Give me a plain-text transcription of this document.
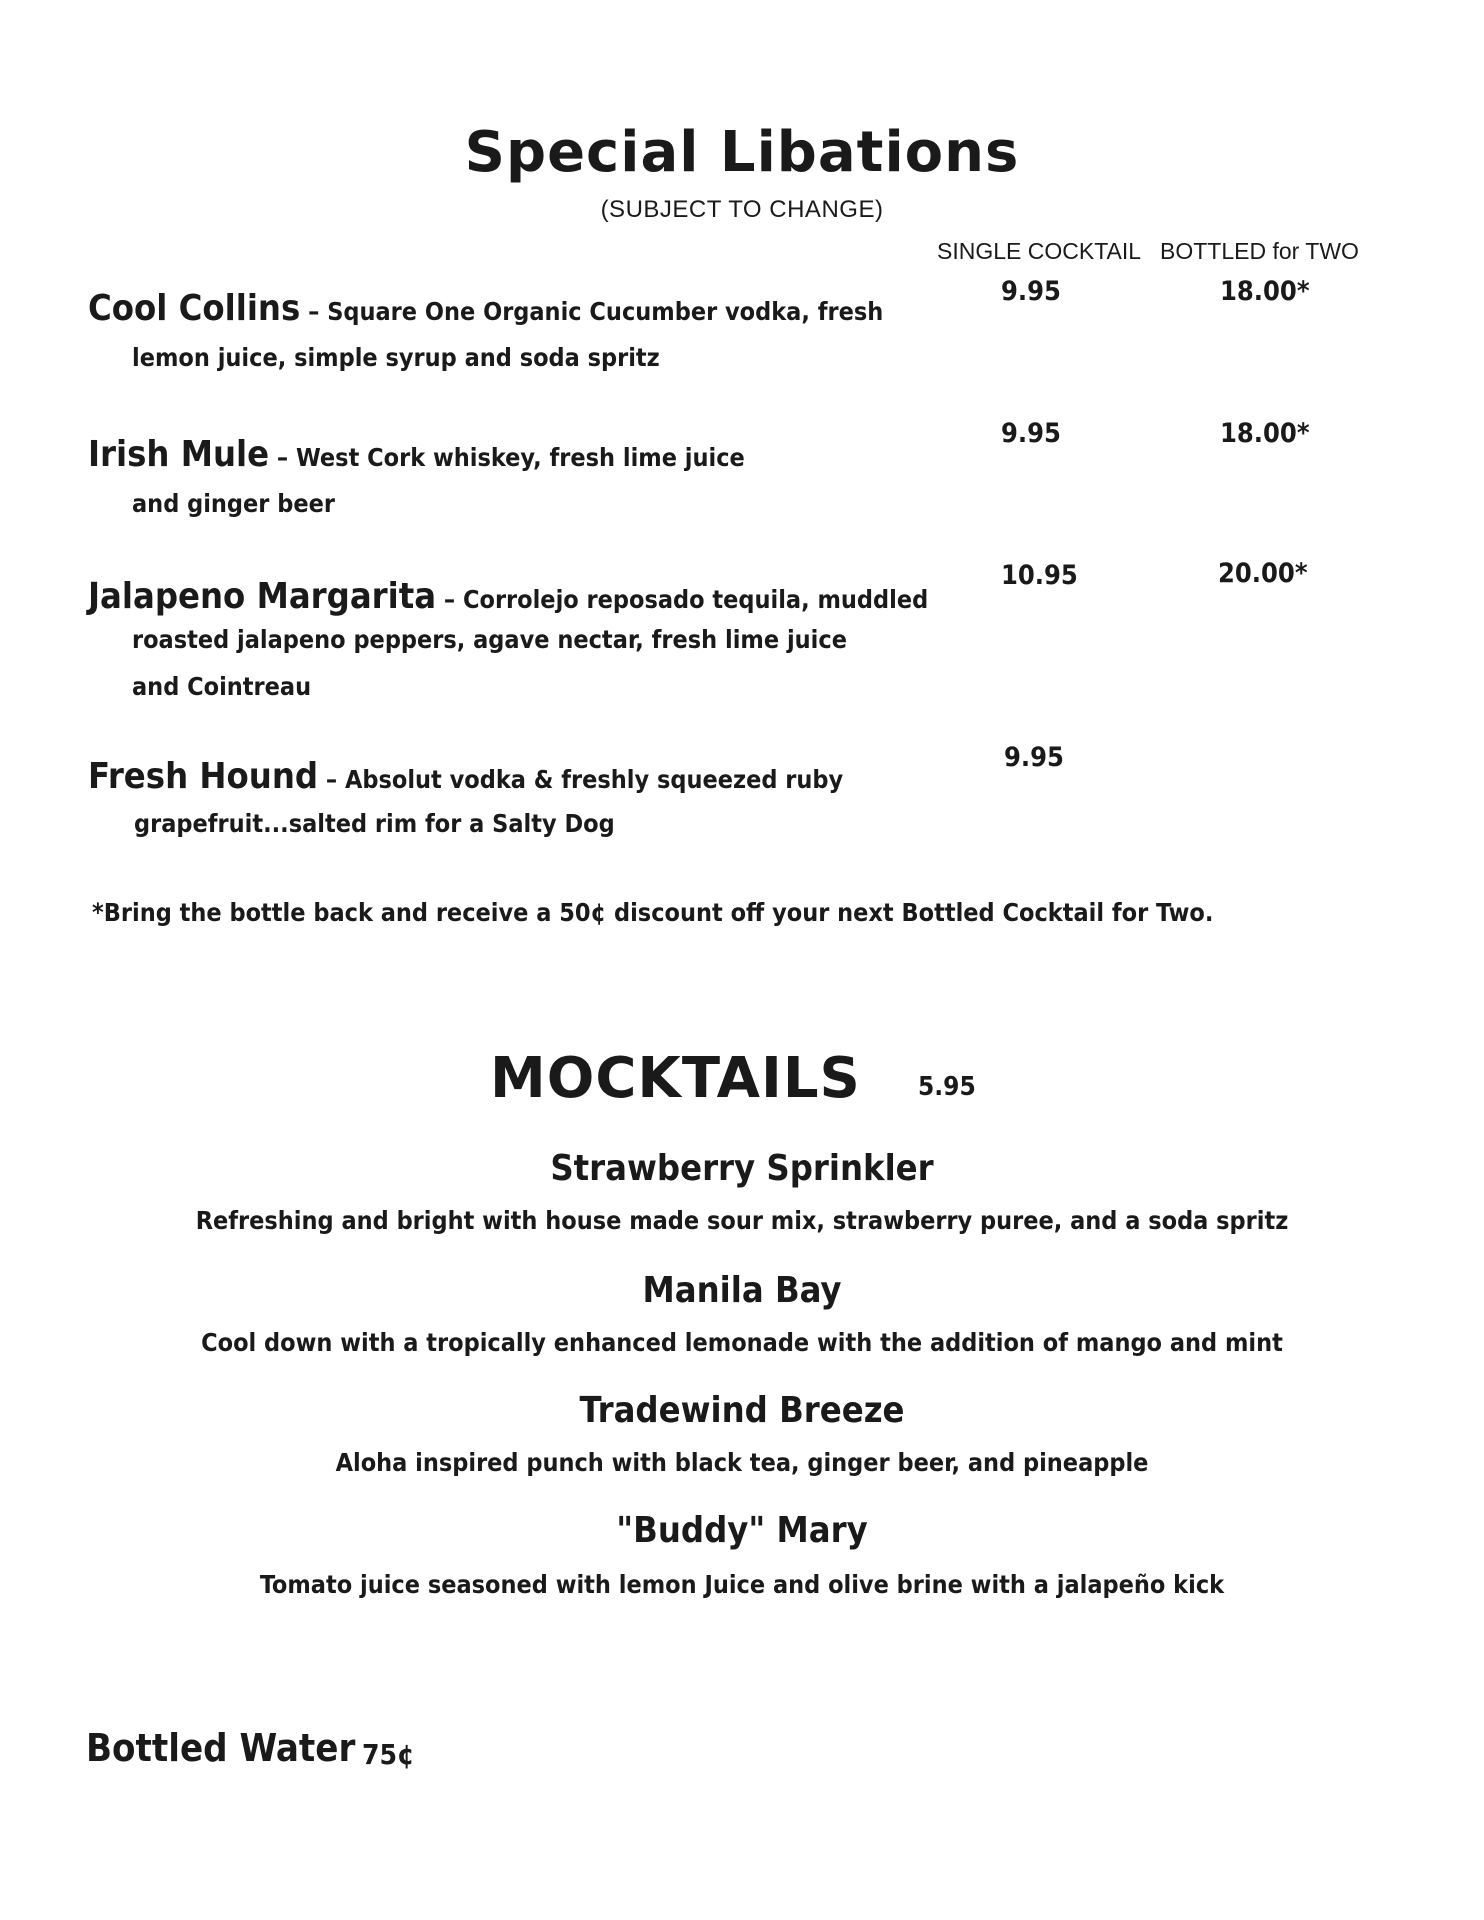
Special Libations
(SUBJECT TO CHANGE)
SINGLE COCKTAIL BOTTLED for TWO
Cool Collins – Square One Organic Cucumber vodka, fresh
lemon juice, simple syrup and soda spritz
9.95	18.00*
Irish Mule – West Cork whiskey, fresh lime juice
and ginger beer
9.95	18.00*
Jalapeno Margarita – Corrolejo reposado tequila, muddled
roasted jalapeno peppers, agave nectar, fresh lime juice
and Cointreau
10.95	20.00*
Fresh Hound – Absolut vodka & freshly squeezed ruby
grapefruit...salted rim for a Salty Dog
9.95
*Bring the bottle back and receive a 50¢ discount off your next Bottled Cocktail for Two.
MOCKTAILS 5.95
Strawberry Sprinkler
Refreshing and bright with house made sour mix, strawberry puree, and a soda spritz
Manila Bay
Cool down with a tropically enhanced lemonade with the addition of mango and mint
Tradewind Breeze
Aloha inspired punch with black tea, ginger beer, and pineapple
"Buddy" Mary
Tomato juice seasoned with lemon Juice and olive brine with a jalapeño kick
Bottled Water 75¢
